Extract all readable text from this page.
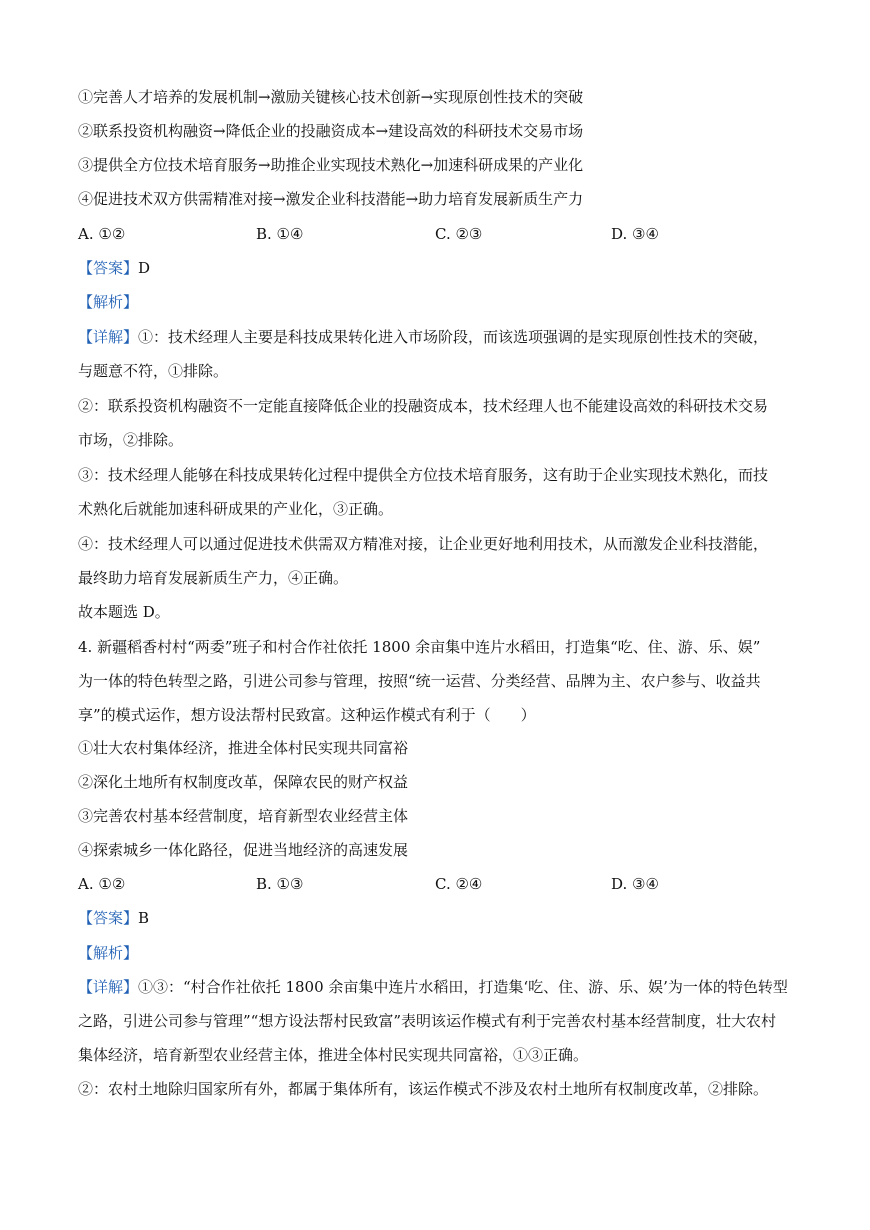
①完善人才培养的发展机制→激励关键核心技术创新→实现原创性技术的突破
②联系投资机构融资→降低企业的投融资成本→建设高效的科研技术交易市场
③提供全方位技术培育服务→助推企业实现技术熟化→加速科研成果的产业化
④促进技术双方供需精准对接→激发企业科技潜能→助力培育发展新质生产力
A. ①②	B. ①④	C. ②③	D. ③④
【答案】D
【解析】
【详解】①：技术经理人主要是科技成果转化进入市场阶段，而该选项强调的是实现原创性技术的突破，
与题意不符，①排除。
②：联系投资机构融资不一定能直接降低企业的投融资成本，技术经理人也不能建设高效的科研技术交易
市场，②排除。
③：技术经理人能够在科技成果转化过程中提供全方位技术培育服务，这有助于企业实现技术熟化，而技
术熟化后就能加速科研成果的产业化，③正确。
④：技术经理人可以通过促进技术供需双方精准对接，让企业更好地利用技术，从而激发企业科技潜能，
最终助力培育发展新质生产力，④正确。
故本题选 D。
4. 新疆稻香村村“两委”班子和村合作社依托 1800 余亩集中连片水稻田，打造集“吃、住、游、乐、娱”
为一体的特色转型之路，引进公司参与管理，按照“统一运营、分类经营、品牌为主、农户参与、收益共
享”的模式运作，想方设法帮村民致富。这种运作模式有利于（　　）
①壮大农村集体经济，推进全体村民实现共同富裕
②深化土地所有权制度改革，保障农民的财产权益
③完善农村基本经营制度，培育新型农业经营主体
④探索城乡一体化路径，促进当地经济的高速发展
A. ①②	B. ①③	C. ②④	D. ③④
【答案】B
【解析】
【详解】①③：“村合作社依托 1800 余亩集中连片水稻田，打造集‘吃、住、游、乐、娱’为一体的特色转型
之路，引进公司参与管理”“想方设法帮村民致富”表明该运作模式有利于完善农村基本经营制度，壮大农村
集体经济，培育新型农业经营主体，推进全体村民实现共同富裕，①③正确。
②：农村土地除归国家所有外，都属于集体所有，该运作模式不涉及农村土地所有权制度改革，②排除。
